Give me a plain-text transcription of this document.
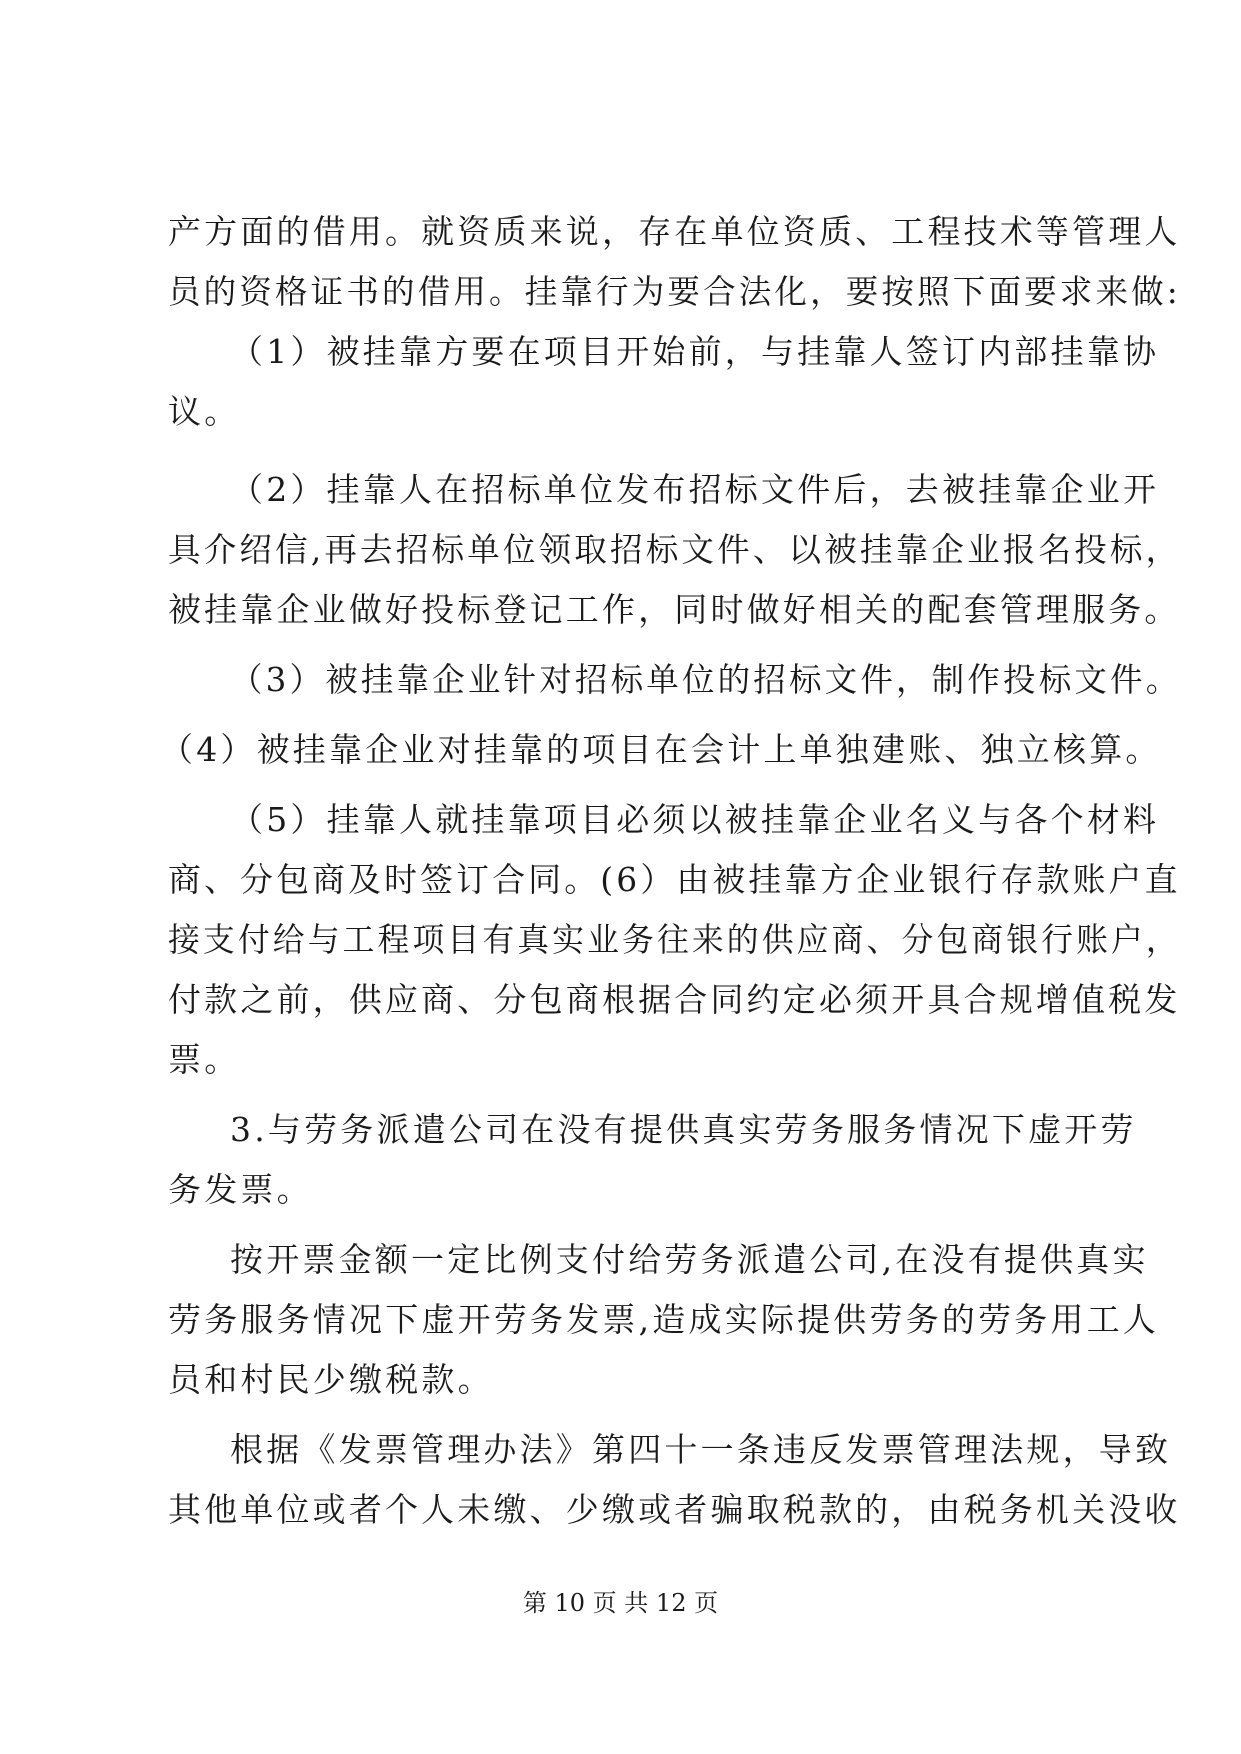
产方面的借用。就资质来说，存在单位资质、工程技术等管理人
员的资格证书的借用。挂靠行为要合法化，要按照下面要求来做:
（1）被挂靠方要在项目开始前，与挂靠人签订内部挂靠协
议。
（2）挂靠人在招标单位发布招标文件后，去被挂靠企业开
具介绍信,再去招标单位领取招标文件、以被挂靠企业报名投标，
被挂靠企业做好投标登记工作，同时做好相关的配套管理服务。
（3）被挂靠企业针对招标单位的招标文件，制作投标文件。
（4）被挂靠企业对挂靠的项目在会计上单独建账、独立核算。
（5）挂靠人就挂靠项目必须以被挂靠企业名义与各个材料
商、分包商及时签订合同。(6）由被挂靠方企业银行存款账户直
接支付给与工程项目有真实业务往来的供应商、分包商银行账户，
付款之前，供应商、分包商根据合同约定必须开具合规增值税发
票。
3.与劳务派遣公司在没有提供真实劳务服务情况下虚开劳
务发票。
按开票金额一定比例支付给劳务派遣公司,在没有提供真实
劳务服务情况下虚开劳务发票,造成实际提供劳务的劳务用工人
员和村民少缴税款。
根据《发票管理办法》第四十一条违反发票管理法规，导致
其他单位或者个人未缴、少缴或者骗取税款的，由税务机关没收
第 10 页 共 12 页
